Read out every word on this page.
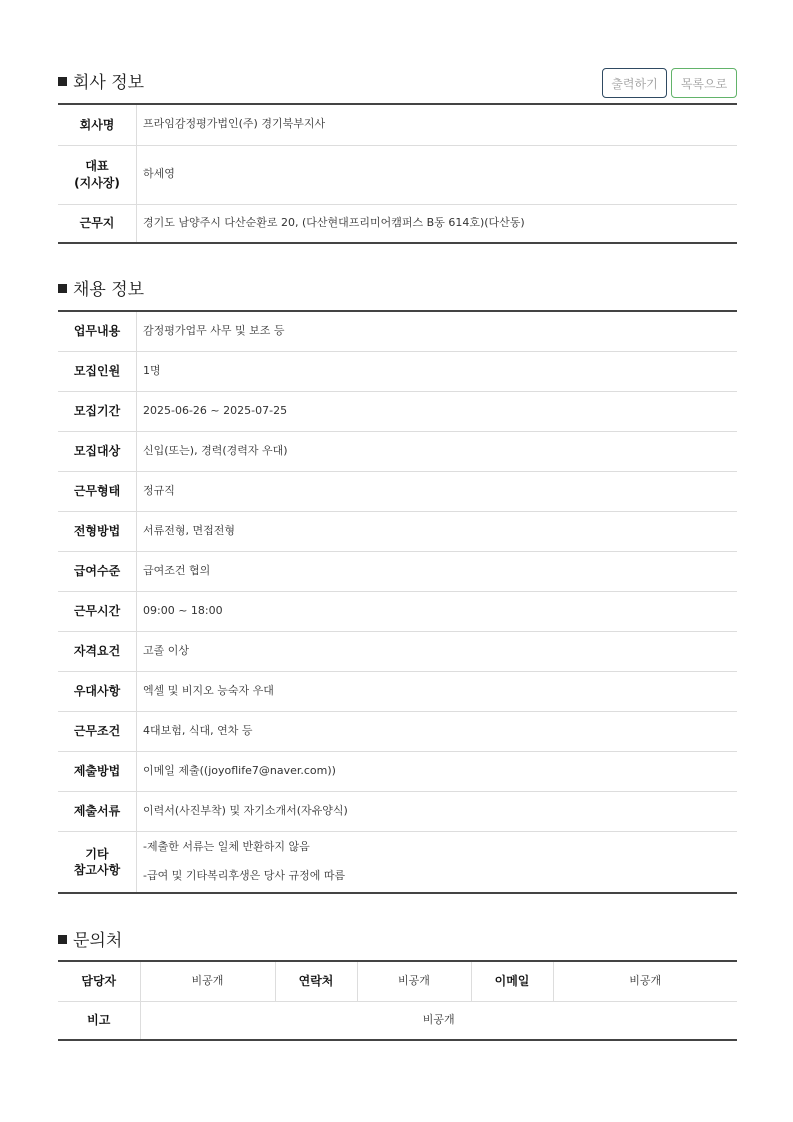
회사 정보	출력하기	목록으로
회사명	프라임감정평가법인(주) 경기북부지사

대표
(지사장)	하세영
근무지	경기도 남양주시 다산순환로 20, (다산현대프리미어캠퍼스 B동 614호)(다산동)
채용 정보
업무내용	감정평가업무 사무 및 보조 등
모집인원	1명
모집기간	2025-06-26 ~ 2025-07-25
모집대상	신입(또는), 경력(경력자 우대)
근무형태	정규직
전형방법	서류전형, 면접전형
급여수준	급여조건 협의
근무시간	09:00 ~ 18:00
자격요건	고졸 이상
우대사항	엑셀 및 비지오 능숙자 우대
근무조건	4대보험, 식대, 연차 등
제출방법	이메일 제출((joyoflife7@naver.com))
제출서류	이력서(사진부착) 및 자기소개서(자유양식)

기타
참고사항	-제출한 서류는 일체 반환하지 않음
-급여 및 기타복리후생은 당사 규정에 따름
문의처
담당자	비공개	연락처	비공개	이메일	비공개
비고	비공개				
